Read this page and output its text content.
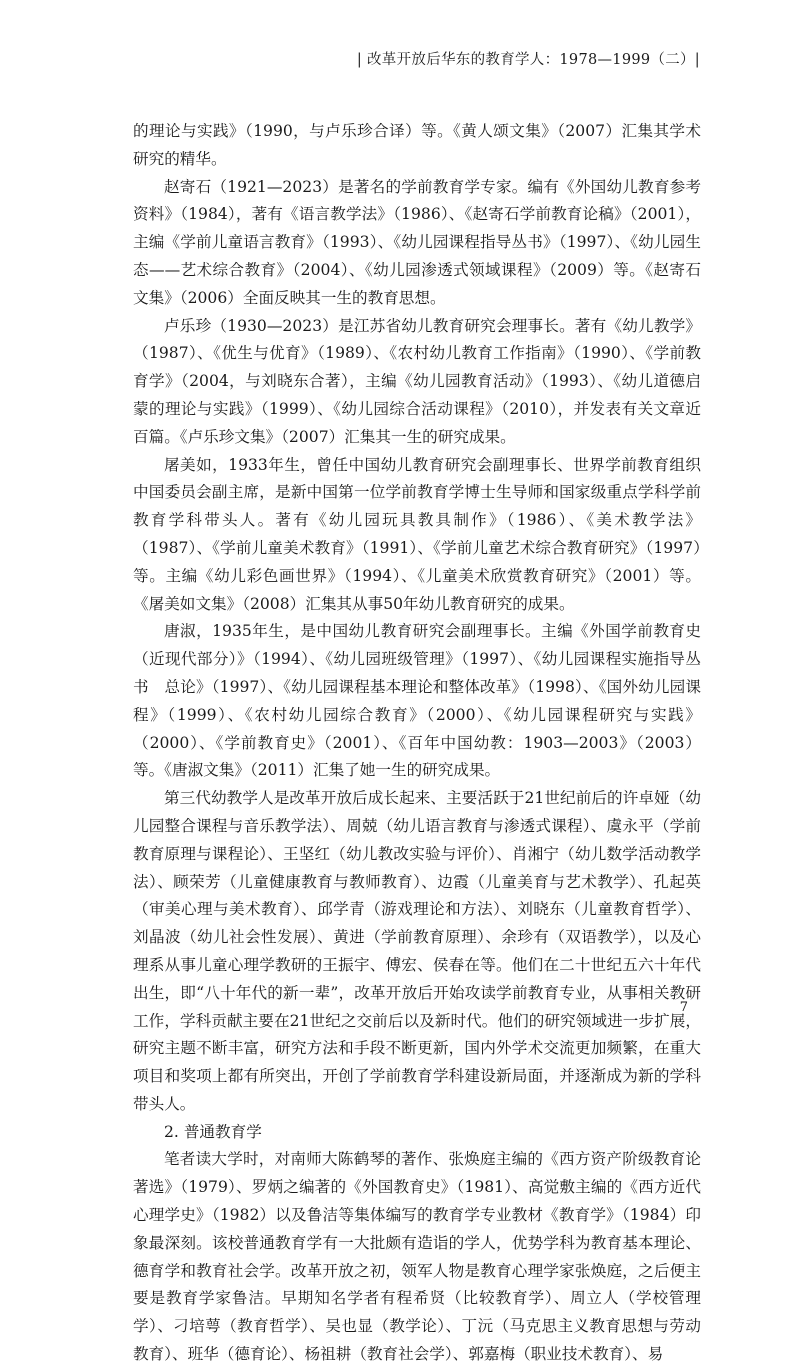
| 改革开放后华东的教育学人：1978—1999（二）|

的理论与实践》（1990，与卢乐珍合译）等。《黄人颂文集》（2007）汇集其学术研究的精华。

赵寄石（1921—2023）是著名的学前教育学专家。编有《外国幼儿教育参考资料》（1984），著有《语言教学法》（1986）、《赵寄石学前教育论稿》（2001），主编《学前儿童语言教育》（1993）、《幼儿园课程指导丛书》（1997）、《幼儿园生态——艺术综合教育》（2004）、《幼儿园渗透式领域课程》（2009）等。《赵寄石文集》（2006）全面反映其一生的教育思想。

卢乐珍（1930—2023）是江苏省幼儿教育研究会理事长。著有《幼儿教学》（1987）、《优生与优育》（1989）、《农村幼儿教育工作指南》（1990）、《学前教育学》（2004，与刘晓东合著），主编《幼儿园教育活动》（1993）、《幼儿道德启蒙的理论与实践》（1999）、《幼儿园综合活动课程》（2010），并发表有关文章近百篇。《卢乐珍文集》（2007）汇集其一生的研究成果。

屠美如，1933年生，曾任中国幼儿教育研究会副理事长、世界学前教育组织中国委员会副主席，是新中国第一位学前教育学博士生导师和国家级重点学科学前教育学科带头人。著有《幼儿园玩具教具制作》（1986）、《美术教学法》（1987）、《学前儿童美术教育》（1991）、《学前儿童艺术综合教育研究》（1997）等。主编《幼儿彩色画世界》（1994）、《儿童美术欣赏教育研究》（2001）等。《屠美如文集》（2008）汇集其从事50年幼儿教育研究的成果。

唐淑，1935年生，是中国幼儿教育研究会副理事长。主编《外国学前教育史（近现代部分）》（1994）、《幼儿园班级管理》（1997）、《幼儿园课程实施指导丛书　总论》（1997）、《幼儿园课程基本理论和整体改革》（1998）、《国外幼儿园课程》（1999）、《农村幼儿园综合教育》（2000）、《幼儿园课程研究与实践》（2000）、《学前教育史》（2001）、《百年中国幼教：1903—2003》（2003）等。《唐淑文集》（2011）汇集了她一生的研究成果。

第三代幼教学人是改革开放后成长起来、主要活跃于21世纪前后的许卓娅（幼儿园整合课程与音乐教学法）、周兢（幼儿语言教育与渗透式课程）、虞永平（学前教育原理与课程论）、王坚红（幼儿教改实验与评价）、肖湘宁（幼儿数学活动教学法）、顾荣芳（儿童健康教育与教师教育）、边霞（儿童美育与艺术教学）、孔起英（审美心理与美术教育）、邱学青（游戏理论和方法）、刘晓东（儿童教育哲学）、刘晶波（幼儿社会性发展）、黄进（学前教育原理）、余珍有（双语教学），以及心理系从事儿童心理学教研的王振宇、傅宏、侯春在等。他们在二十世纪五六十年代出生，即“八十年代的新一辈”，改革开放后开始攻读学前教育专业，从事相关教研工作，学科贡献主要在21世纪之交前后以及新时代。他们的研究领域进一步扩展，研究主题不断丰富，研究方法和手段不断更新，国内外学术交流更加频繁，在重大项目和奖项上都有所突出，开创了学前教育学科建设新局面，并逐渐成为新的学科带头人。

2. 普通教育学

笔者读大学时，对南师大陈鹤琴的著作、张焕庭主编的《西方资产阶级教育论著选》（1979）、罗炳之编著的《外国教育史》（1981）、高觉敷主编的《西方近代心理学史》（1982）以及鲁洁等集体编写的教育学专业教材《教育学》（1984）印象最深刻。该校普通教育学有一大批颇有造诣的学人，优势学科为教育基本理论、德育学和教育社会学。改革开放之初，领军人物是教育心理学家张焕庭，之后便主要是教育学家鲁洁。早期知名学者有程希贤（比较教育学）、周立人（学校管理学）、刁培萼（教育哲学）、吴也显（教学论）、丁沅（马克思主义教育思想与劳动教育）、班华（德育论）、杨祖耕（教育社会学）、郭嘉梅（职业技术教育）、易

7
